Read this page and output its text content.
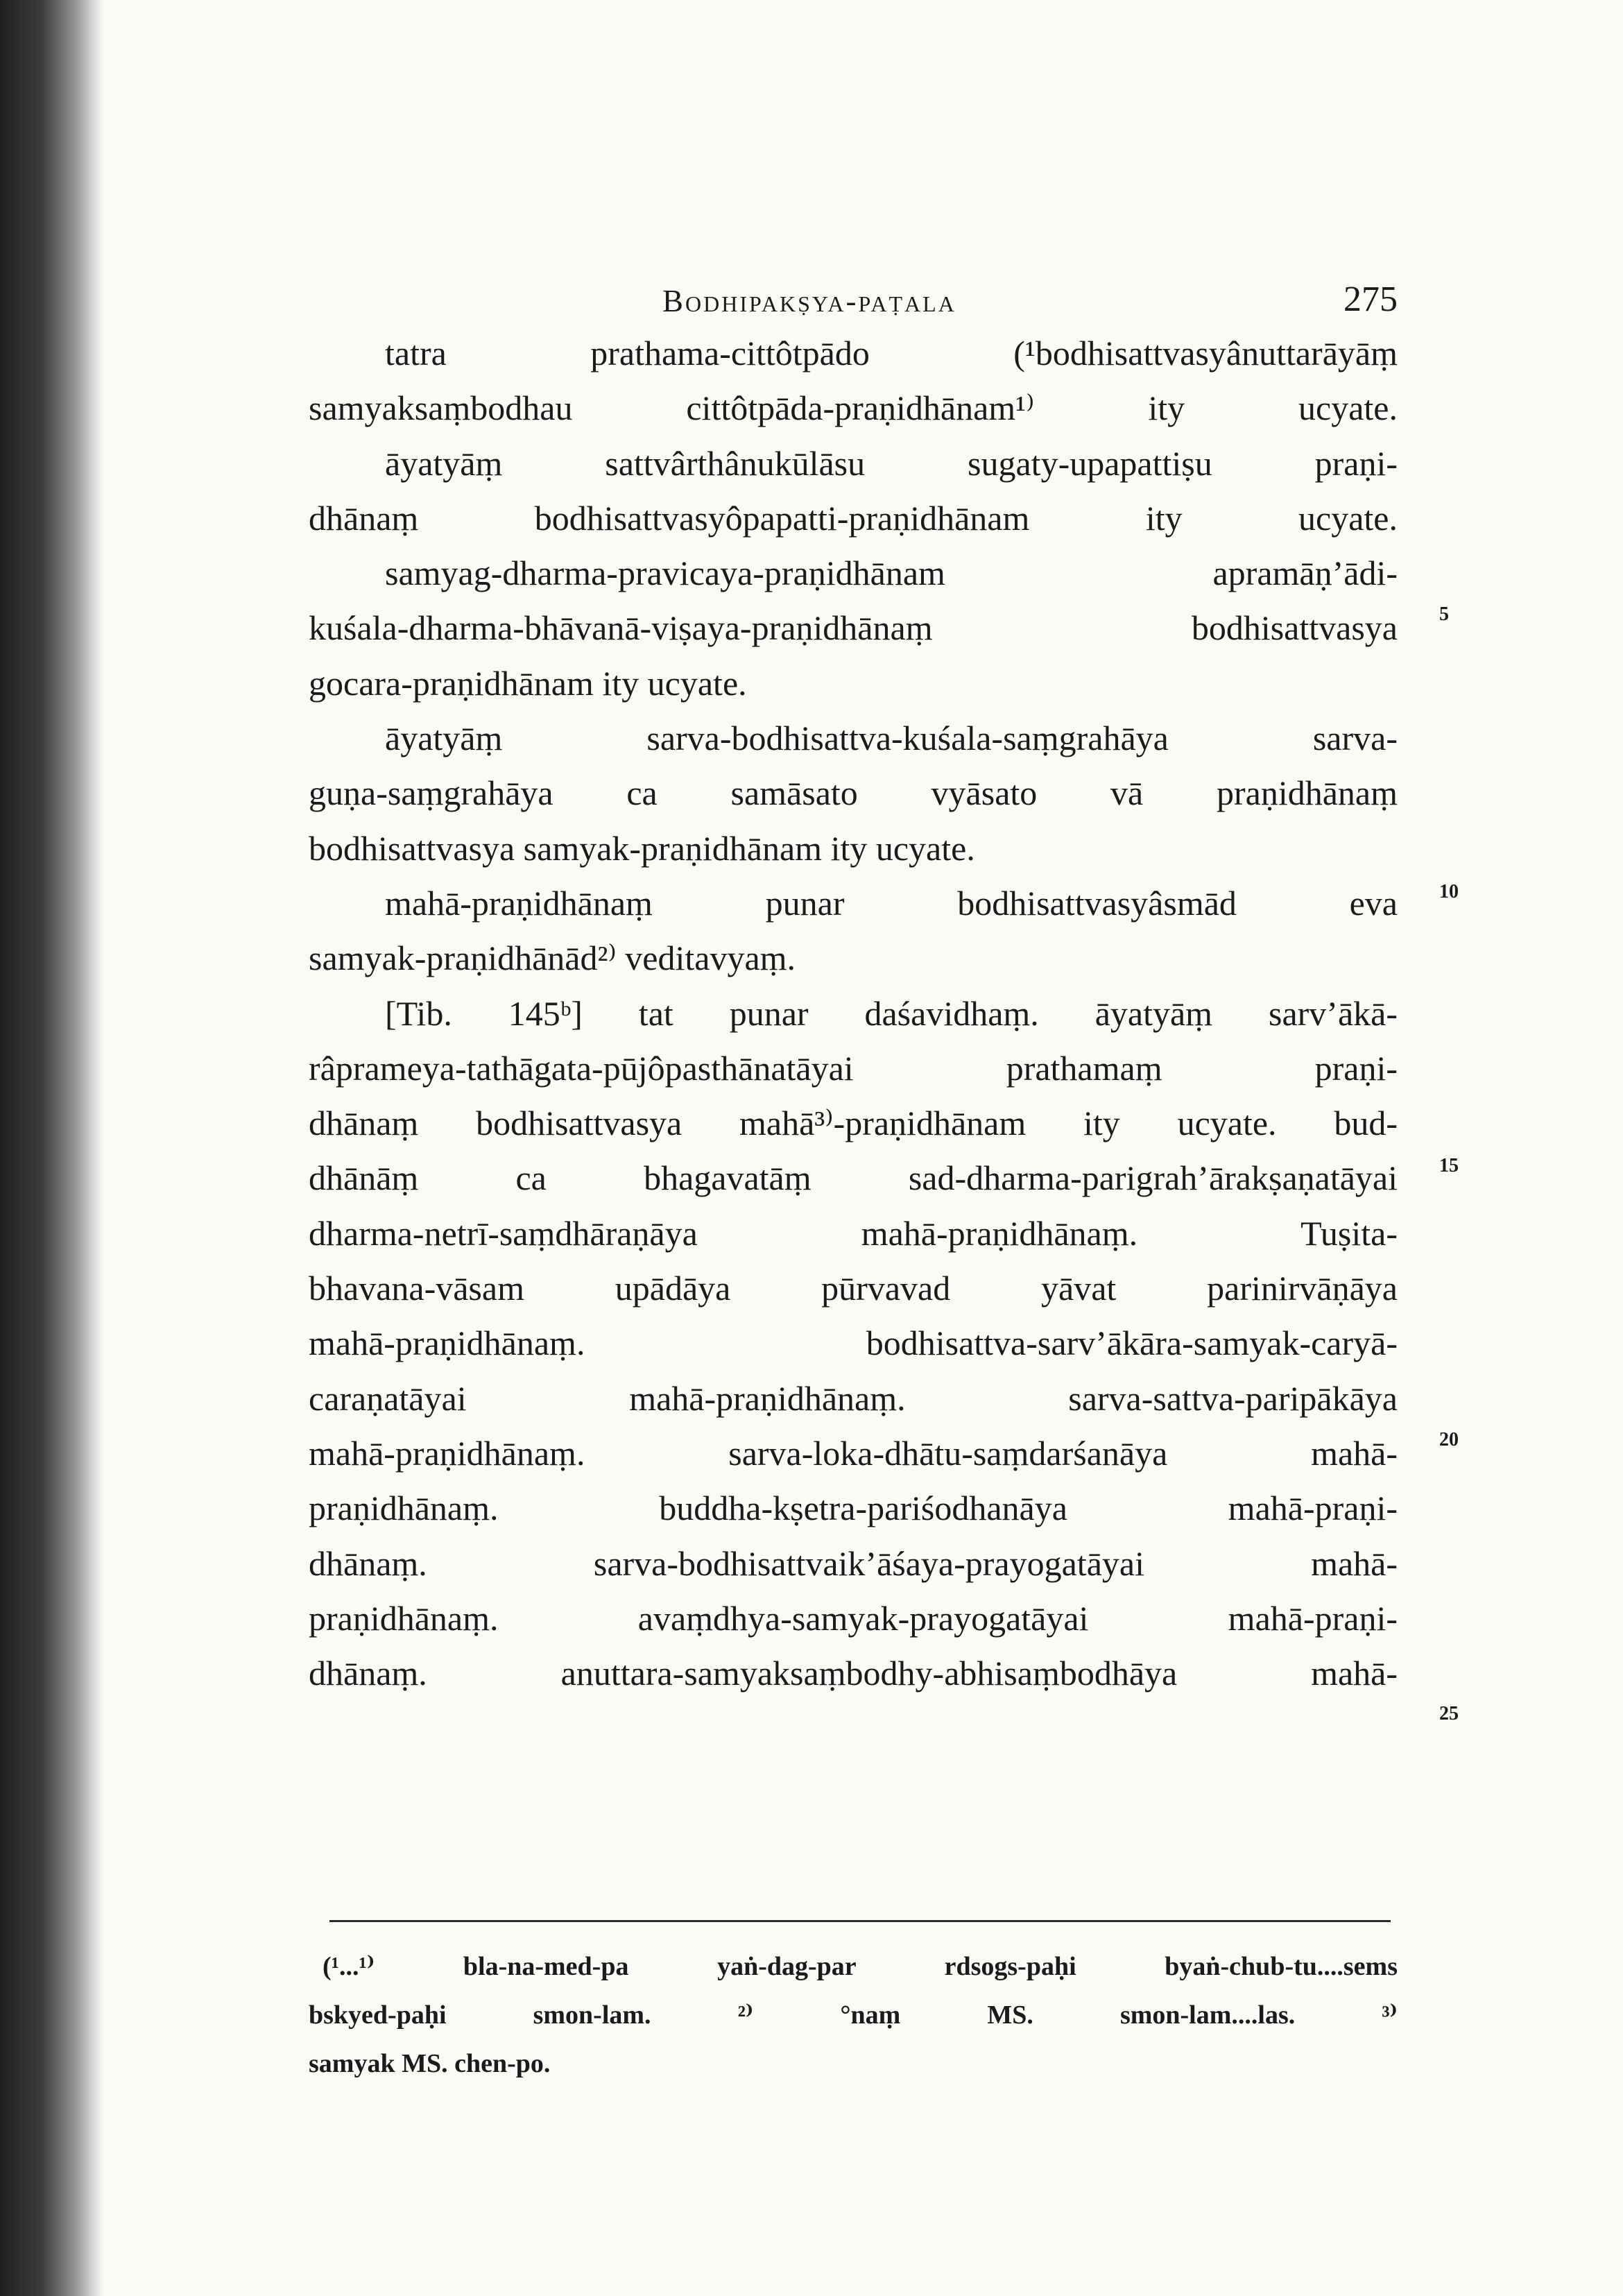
Bodhipakṣya-paṭala	275
tatra prathama-cittôtpādo (¹bodhisattvasyânuttarāyāṃ
samyaksaṃbodhau cittôtpāda-praṇidhānam¹⁾ ity ucyate.
āyatyāṃ sattvârthânukūlāsu sugaty-upapattiṣu praṇi-
dhānaṃ bodhisattvasyôpapatti-praṇidhānam ity ucyate.
samyag-dharma-pravicaya-praṇidhānam apramāṇ’ādi-
kuśala-dharma-bhāvanā-viṣaya-praṇidhānaṃ bodhisattvasya
gocara-praṇidhānam ity ucyate.
āyatyāṃ sarva-bodhisattva-kuśala-saṃgrahāya sarva-
guṇa-saṃgrahāya ca samāsato vyāsato vā praṇidhānaṃ
bodhisattvasya samyak-praṇidhānam ity ucyate.
mahā-praṇidhānaṃ punar bodhisattvasyâsmād eva
samyak-praṇidhānād²⁾ veditavyaṃ.
[Tib. 145ᵇ] tat punar daśavidhaṃ. āyatyāṃ sarv’ākā-
râprameya-tathāgata-pūjôpasthānatāyai prathamaṃ praṇi-
dhānaṃ bodhisattvasya mahā³⁾-praṇidhānam ity ucyate. bud-
dhānāṃ ca bhagavatāṃ sad-dharma-parigrah’ārakṣaṇatāyai
dharma-netrī-saṃdhāraṇāya mahā-praṇidhānaṃ. Tuṣita-
bhavana-vāsam upādāya pūrvavad yāvat parinirvāṇāya
mahā-praṇidhānaṃ. bodhisattva-sarv’ākāra-samyak-caryā-
caraṇatāyai mahā-praṇidhānaṃ. sarva-sattva-paripākāya
mahā-praṇidhānaṃ. sarva-loka-dhātu-saṃdarśanāya mahā-
praṇidhānaṃ. buddha-kṣetra-pariśodhanāya mahā-praṇi-
dhānaṃ. sarva-bodhisattvaik’āśaya-prayogatāyai mahā-
praṇidhānaṃ. avaṃdhya-samyak-prayogatāyai mahā-praṇi-
dhānaṃ. anuttara-samyaksaṃbodhy-abhisaṃbodhāya mahā-
5
10
15
20
25
(¹...¹⁾ bla-na-med-pa yaṅ-dag-par rdsogs-paḥi byaṅ-chub-tu....sems
bskyed-paḥi smon-lam. ²⁾ °naṃ MS. smon-lam....las. ³⁾
samyak MS. chen-po.
